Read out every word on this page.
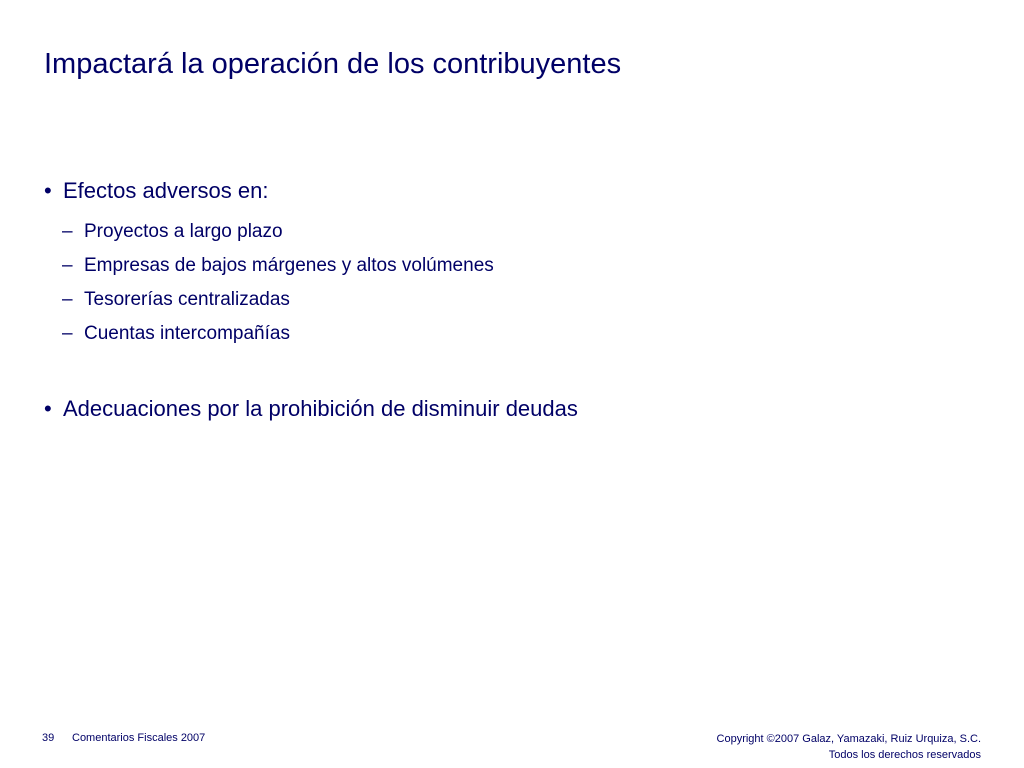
Impactará la operación de los contribuyentes
• Efectos adversos en:
– Proyectos a largo plazo
– Empresas de bajos márgenes y altos volúmenes
– Tesorerías centralizadas
– Cuentas intercompañías
• Adecuaciones por la prohibición de disminuir deudas
39 Comentarios Fiscales 2007	Copyright ©2007 Galaz, Yamazaki, Ruiz Urquiza, S.C.
Todos los derechos reservados
